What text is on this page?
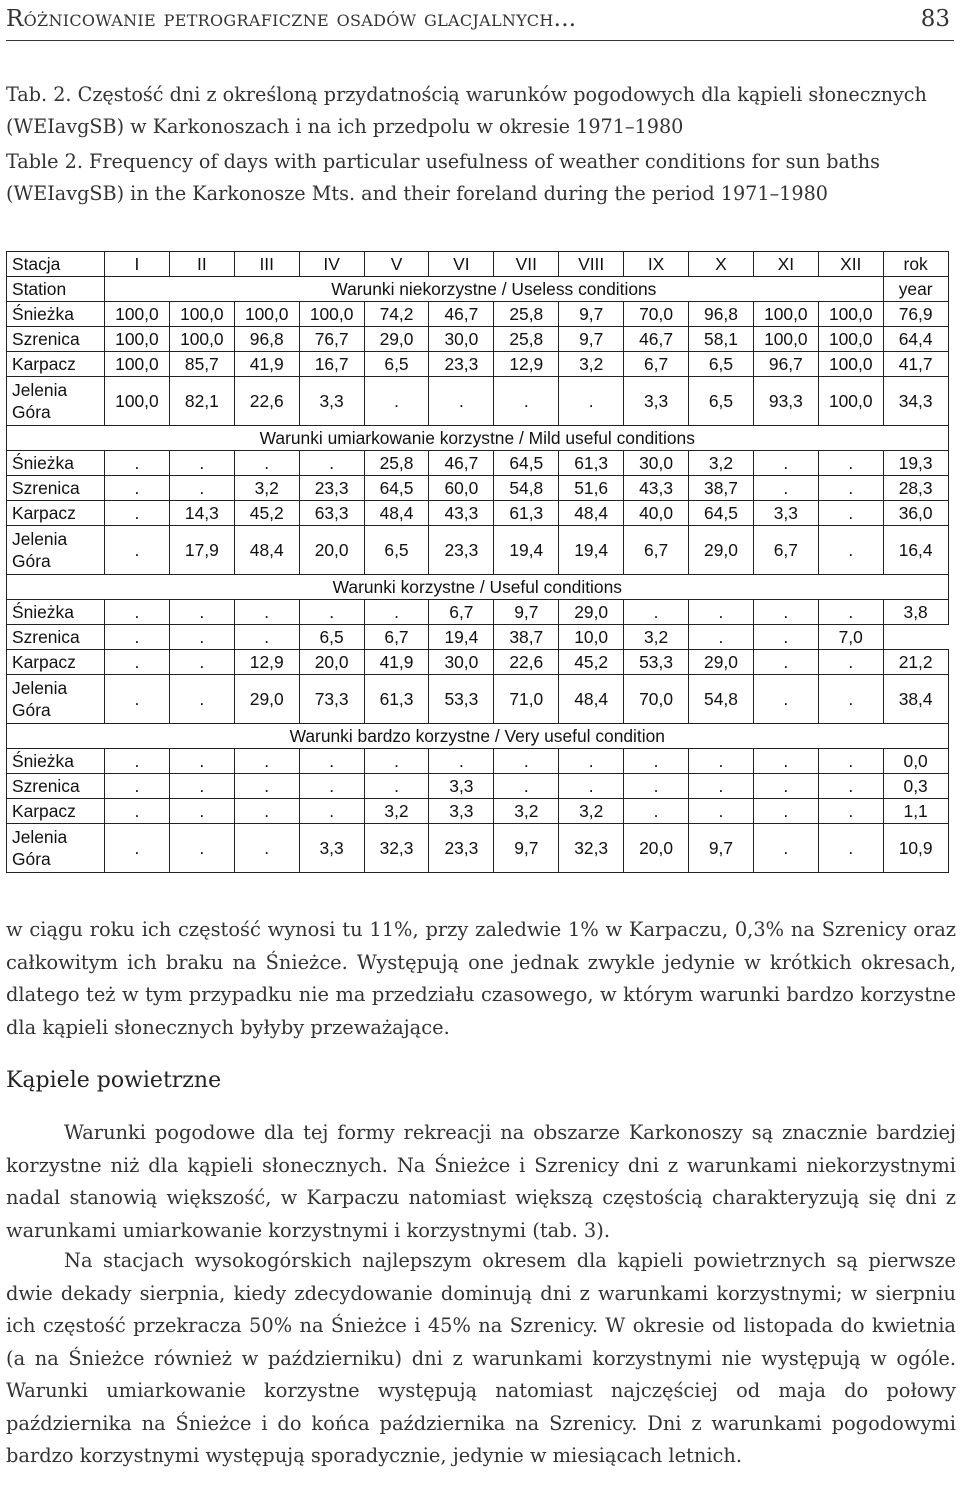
Różnicowanie petrograficzne osadów glacjalnych...	83
Tab. 2. Częstość dni z określoną przydatnością warunków pogodowych dla kąpieli słonecznych (WEIavgSB) w Karkonoszach i na ich przedpolu w okresie 1971–1980
Table 2. Frequency of days with particular usefulness of weather conditions for sun baths (WEIavgSB) in the Karkonosze Mts. and their foreland during the period 1971–1980
Stacja	I	II	III	IV	V	VI	VII	VIII	IX	X	XI	XII	rok
Station	Warunki niekorzystne / Useless conditions												year
Śnieżka	100,0	100,0	100,0	100,0	74,2	46,7	25,8	9,7	70,0	96,8	100,0	100,0	76,9
Szrenica	100,0	100,0	96,8	76,7	29,0	30,0	25,8	9,7	46,7	58,1	100,0	100,0	64,4
Karpacz	100,0	85,7	41,9	16,7	6,5	23,3	12,9	3,2	6,7	6,5	96,7	100,0	41,7
Jelenia Góra	100,0	82,1	22,6	3,3	.	.	.	.	3,3	6,5	93,3	100,0	34,3
Warunki umiarkowanie korzystne / Mild useful conditions													
Śnieżka	.	.	.	.	25,8	46,7	64,5	61,3	30,0	3,2	.	.	19,3
Szrenica	.	.	3,2	23,3	64,5	60,0	54,8	51,6	43,3	38,7	.	.	28,3
Karpacz	.	14,3	45,2	63,3	48,4	43,3	61,3	48,4	40,0	64,5	3,3	.	36,0
Jelenia Góra	.	17,9	48,4	20,0	6,5	23,3	19,4	19,4	6,7	29,0	6,7	.	16,4
Warunki korzystne / Useful conditions													
Śnieżka	.	.	.	.	.	6,7	9,7	29,0	.	.	.	.	3,8
Szrenica	.	.	.	6,5	6,7	19,4	38,7	10,0	3,2	.	.	7,0	
Karpacz	.	.	12,9	20,0	41,9	30,0	22,6	45,2	53,3	29,0	.	.	21,2
Jelenia Góra	.	.	29,0	73,3	61,3	53,3	71,0	48,4	70,0	54,8	.	.	38,4
Warunki bardzo korzystne / Very useful condition													
Śnieżka	.	.	.	.	.	.	.	.	.	.	.	.	0,0
Szrenica	.	.	.	.	.	3,3	.	.	.	.	.	.	0,3
Karpacz	.	.	.	.	3,2	3,3	3,2	3,2	.	.	.	.	1,1
Jelenia Góra	.	.	.	3,3	32,3	23,3	9,7	32,3	20,0	9,7	.	.	10,9
w ciągu roku ich częstość wynosi tu 11%, przy zaledwie 1% w Karpaczu, 0,3% na Szrenicy oraz całkowitym ich braku na Śnieżce. Występują one jednak zwykle jedynie w krótkich okresach, dlatego też w tym przypadku nie ma przedziału czasowego, w którym warunki bardzo korzystne dla kąpieli słonecznych byłyby przeważające.
Kąpiele powietrzne
Warunki pogodowe dla tej formy rekreacji na obszarze Karkonoszy są znacznie bardziej korzystne niż dla kąpieli słonecznych. Na Śnieżce i Szrenicy dni z warunkami niekorzystnymi nadal stanowią większość, w Karpaczu natomiast większą częstością charakteryzują się dni z warunkami umiarkowanie korzystnymi i korzystnymi (tab. 3).
Na stacjach wysokogórskich najlepszym okresem dla kąpieli powietrznych są pierwsze dwie dekady sierpnia, kiedy zdecydowanie dominują dni z warunkami korzystnymi; w sierpniu ich częstość przekracza 50% na Śnieżce i 45% na Szrenicy. W okresie od listopada do kwietnia (a na Śnieżce również w październiku) dni z warunkami korzystnymi nie występują w ogóle. Warunki umiarkowanie korzystne występują natomiast najczęściej od maja do połowy października na Śnieżce i do końca października na Szrenicy. Dni z warunkami pogodowymi bardzo korzystnymi występują sporadycznie, jedynie w miesiącach letnich.
